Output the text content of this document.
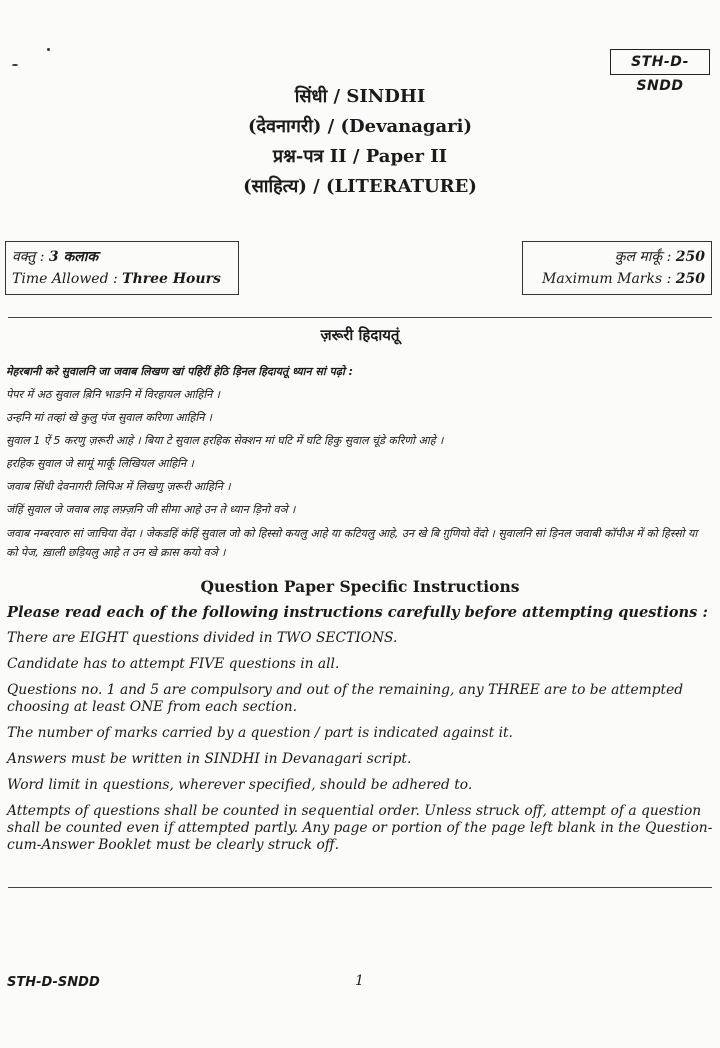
STH-D-SNDD
सिंधी / SINDHI
(देवनागरी) / (Devanagari)
प्रश्न-पत्र II / Paper II
(साहित्य) / (LITERATURE)
वक्तु : 3 कलाक
Time Allowed : Three Hours
कुल मार्कूं : 250
Maximum Marks : 250
ज़रूरी हिदायतूं
मेहरबानी करे सुवालनि जा जवाब लिखण खां पहिरीं हेठि ड़िनल हिदायतूं ध्यान सां पढ़ो :
पेपर में अठ सुवाल ब़िनि भाङनि में विरहायल आहिनि ।
उन्हनि मां तव्हां खे कुलु पंज सुवाल करिणा आहिनि ।
सुवाल 1 ऐं 5 करणु ज़रूरी आहे । बिया टे सुवाल हरहिक सेक्शन मां घटि में घटि हिकु सुवाल चूंडे करिणो आहे ।
हरहिक सुवाल जे सामूं मार्कूं लिखियल आहिनि ।
जवाब सिंधी देवनागरी लिपिअ में लिखणु ज़रूरी आहिनि ।
जंहिं सुवाल जे जवाब लाइ लफ़्ज़नि जी सीमा आहे उन ते ध्यान ड़िनो वञे ।
जवाब नम्बरवारु सां जाचिया वेंदा । जेकडहिं कंहिं सुवाल जो को हिस्सो कयलु आहे या कटियलु आहे, उन खे बि ग़ुणियो वेंदो । सुवालनि सां ड़िनल जवाबी कॉपीअ में को हिस्सो या को पेज, ख़ाली छड़ियलु आहे त उन खे क्रास कयो वञे ।
Question Paper Specific Instructions
Please read each of the following instructions carefully before attempting questions :

There are EIGHT questions divided in TWO SECTIONS.

Candidate has to attempt FIVE questions in all.

Questions no. 1 and 5 are compulsory and out of the remaining, any THREE are to be attempted choosing at least ONE from each section.

The number of marks carried by a question / part is indicated against it.

Answers must be written in SINDHI in Devanagari script.

Word limit in questions, wherever specified, should be adhered to.

Attempts of questions shall be counted in sequential order. Unless struck off, attempt of a question shall be counted even if attempted partly. Any page or portion of the page left blank in the Question-cum-Answer Booklet must be clearly struck off.

STH-D-SNDD	1
